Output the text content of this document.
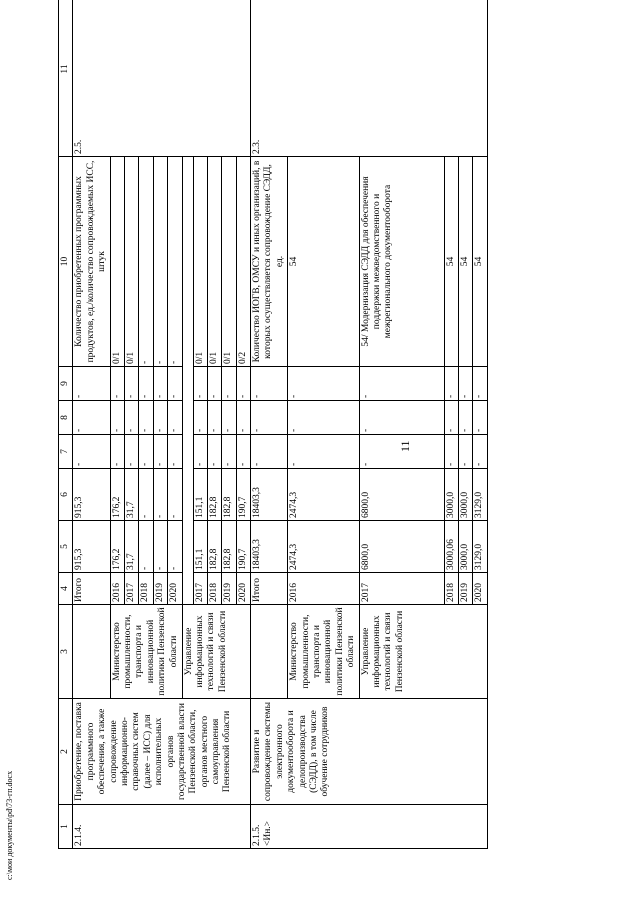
11
1	2	3	4	5	6	7	8	9	10	11
2.1.4.	Приобретение, поставка программного обеспечения, а также сопровождение информационно-справочных систем (далее – ИСС) для исполнительных органов государственной власти Пензенской области, органов местного самоуправления Пензенской области		Итого	915,3	915,3	-	-	-	Количество приобретенных программных продуктов, ед./количество сопровождаемых ИСС, штук	2.5.
		Министерство промышленности, транспорта и инновационной политики Пензенской области	2016	176,2	176,2	-	-	-	0/1	
			2017	31,7	31,7	-	-	-	0/1	
			2018	-	-	-	-	-	-	
			2019	-	-	-	-	-	-	
			2020	-	-	-	-	-	-	
		Управление информационных технологий и связи Пензенской области								
			2017	151,1	151,1	-	-	-	0/1	
			2018	182,8	182,8	-	-	-	0/1	
			2019	182,8	182,8	-	-	-	0/1	
			2020	190,7	190,7	-	-	-	0/2	
2.1.5. <Ин.>	Развитие и сопровождение системы электронного документооборота и делопроизводства (СЭДД), в том числе обучение сотрудников		Итого	18403,3	18403,3	-	-	-	Количество ИОГВ, ОМСУ и иных организаций, в которых осуществляется сопровождение СЭДД, ед.	2.3.
		Министерство промышленности, транспорта и инновационной политики Пензенской области	2016	2474,3	2474,3	-	-	-	54	
		Управление информационных технологий и связи Пензенской области	2017	6800,0	6800,0	-	-	-	54/ Модернизация СЭДД для обеспечения поддержки межведомственного и межрегионального документооборота	
			2018	3000,06	3000,0	-	-	-	54	
			2019	3000,0	3000,0	-	-	-	54	
			2020	3129,0	3129,0	-	-	-	54	
c:\мои документы\pd\73-гп.docx
